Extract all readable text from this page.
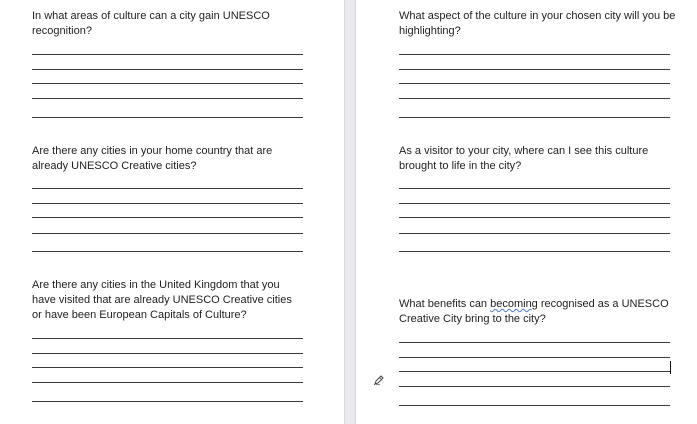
In what areas of culture can a city gain UNESCO recognition?

Are there any cities in your home country that are already UNESCO Creative cities?

Are there any cities in the United Kingdom that you have visited that are already UNESCO Creative cities or have been European Capitals of Culture?

What aspect of the culture in your chosen city will you be highlighting?

As a visitor to your city, where can I see this culture brought to life in the city?

What benefits can becoming recognised as a UNESCO Creative City bring to the city?
